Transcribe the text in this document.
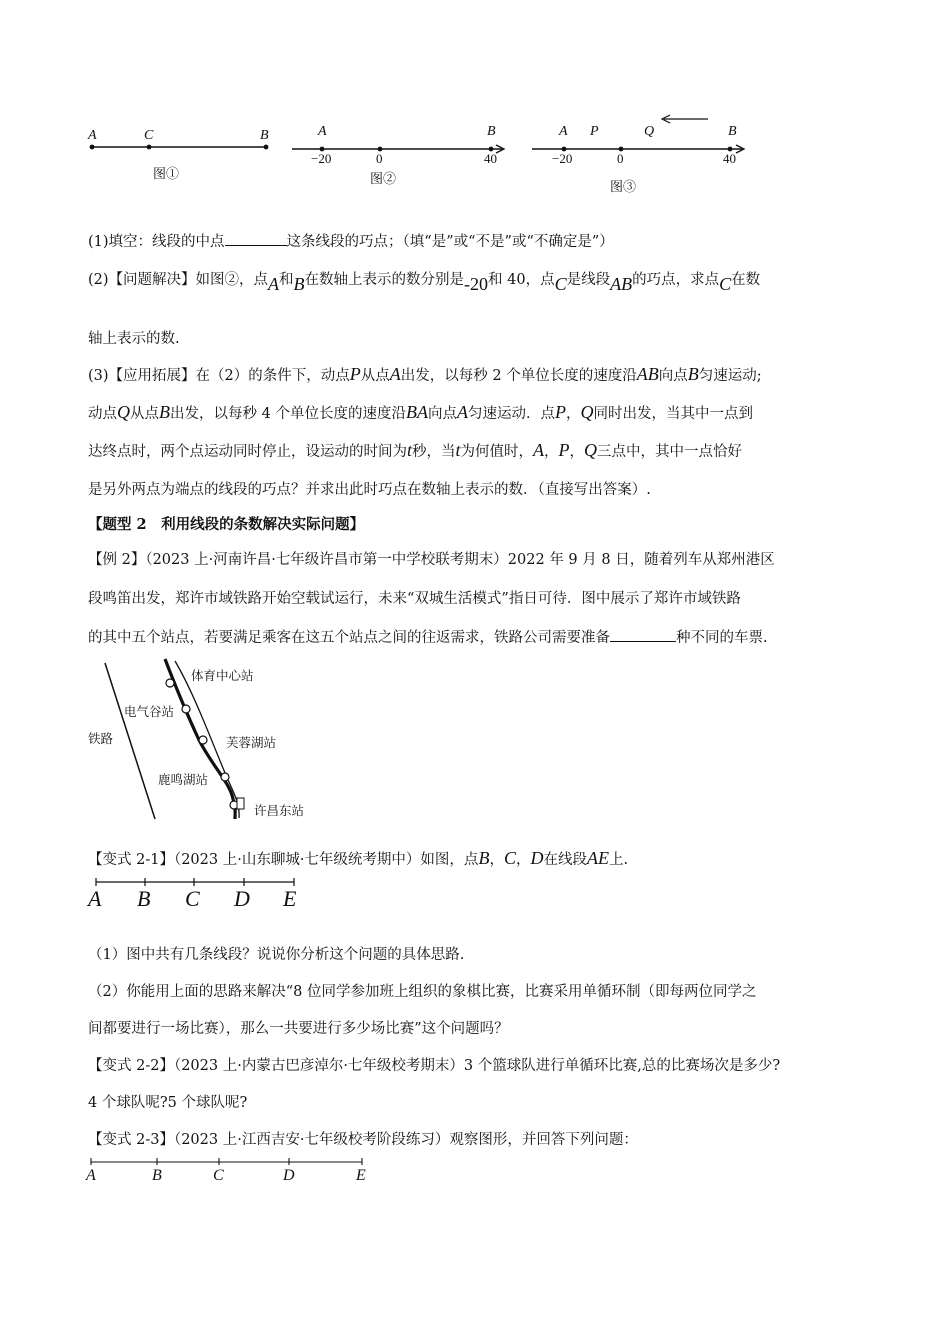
A	C	B
图①
A	B
−20	0	40
图②
A P	Q	B
−20	0	40
图③
(1)填空：线段的中点	这条线段的巧点；（填“是”或“不是”或“不确定是”）
(2)【问题解决】如图②，点A和B在数轴上表示的数分别是-20和 40，点C是线段AB的巧点，求点C在数
轴上表示的数.
(3)【应用拓展】在（2）的条件下，动点P从点A出发，以每秒 2 个单位长度的速度沿AB向点B匀速运动;
动点Q从点B出发，以每秒 4 个单位长度的速度沿BA向点A匀速运动．点P，Q同时出发，当其中一点到
达终点时，两个点运动同时停止，设运动的时间为t秒，当t为何值时，A，P，Q三点中，其中一点恰好
是另外两点为端点的线段的巧点？并求出此时巧点在数轴上表示的数．（直接写出答案）.
【题型 2　利用线段的条数解决实际问题】
【例 2】（2023 上·河南许昌·七年级许昌市第一中学校联考期末）2022 年 9 月 8 日，随着列车从郑州港区
段鸣笛出发，郑许市域铁路开始空载试运行，未来“双城生活模式”指日可待．图中展示了郑许市域铁路
的其中五个站点，若要满足乘客在这五个站点之间的往返需求，铁路公司需要准备	种不同的车票.
铁路
体育中心站
电气谷站
芙蓉湖站
鹿鸣湖站
许昌东站
【变式 2-1】（2023 上·山东聊城·七年级统考期中）如图，点B，C，D在线段AE上.
A B C D E
（1）图中共有几条线段？说说你分析这个问题的具体思路.
（2）你能用上面的思路来解决“8 位同学参加班上组织的象棋比赛，比赛采用单循环制（即每两位同学之
间都要进行一场比赛），那么一共要进行多少场比赛”这个问题吗？
【变式 2-2】（2023 上·内蒙古巴彦淖尔·七年级校考期末）3 个篮球队进行单循环比赛,总的比赛场次是多少?
4 个球队呢?5 个球队呢?
【变式 2-3】（2023 上·江西吉安·七年级校考阶段练习）观察图形，并回答下列问题：
A	B	C	D	E
